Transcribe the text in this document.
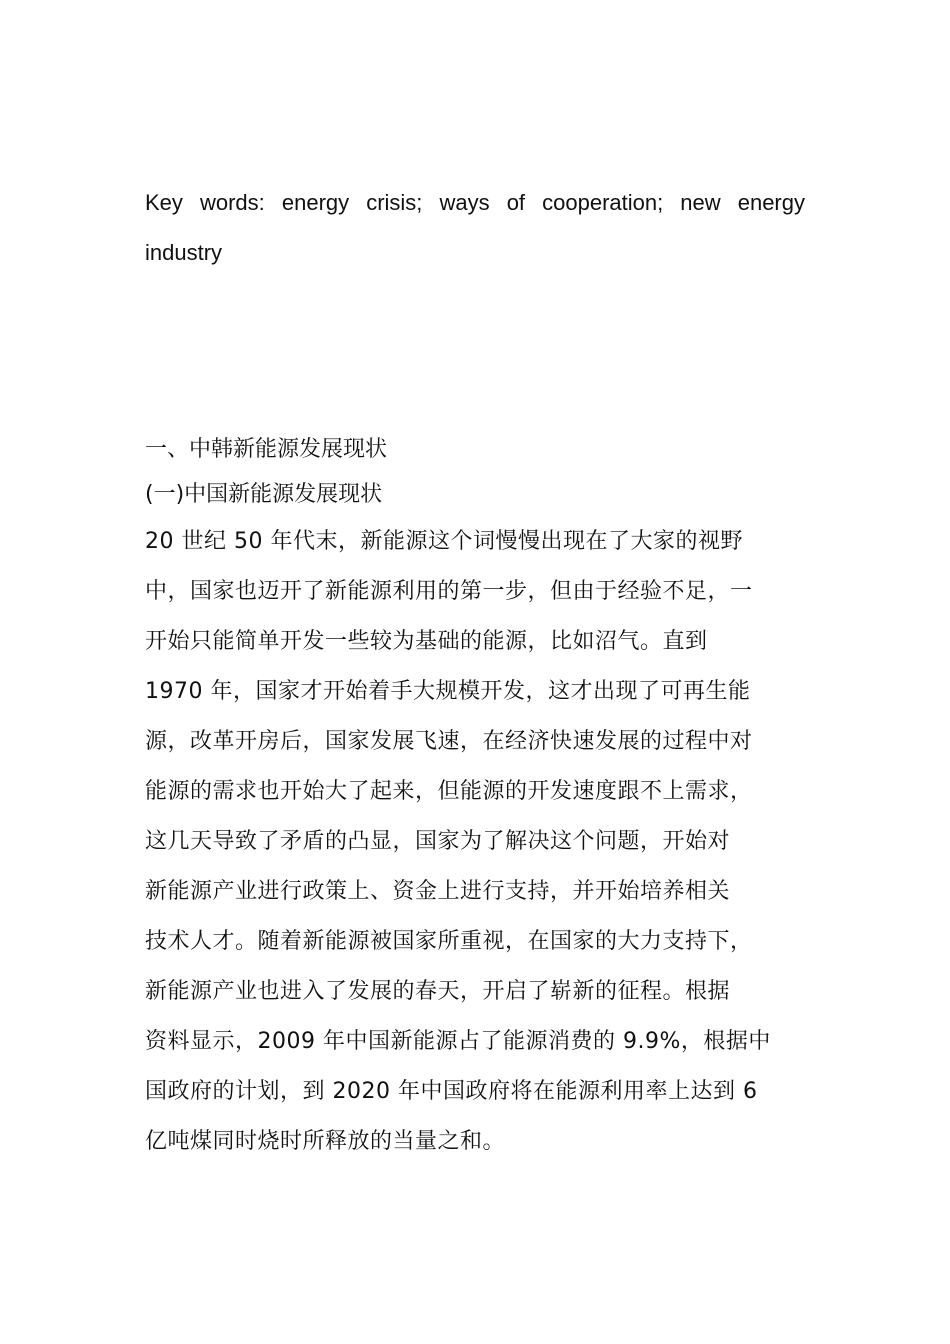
Key words: energy crisis; ways of cooperation; new energy industry
一、中韩新能源发展现状
(一)中国新能源发展现状
20 世纪 50 年代末，新能源这个词慢慢出现在了大家的视野
中，国家也迈开了新能源利用的第一步，但由于经验不足，一
开始只能简单开发一些较为基础的能源，比如沼气。直到
1970 年，国家才开始着手大规模开发，这才出现了可再生能
源，改革开房后，国家发展飞速，在经济快速发展的过程中对
能源的需求也开始大了起来，但能源的开发速度跟不上需求，
这几天导致了矛盾的凸显，国家为了解决这个问题，开始对
新能源产业进行政策上、资金上进行支持，并开始培养相关
技术人才。随着新能源被国家所重视，在国家的大力支持下，
新能源产业也进入了发展的春天，开启了崭新的征程。根据
资料显示，2009 年中国新能源占了能源消费的 9.9%，根据中
国政府的计划，到 2020 年中国政府将在能源利用率上达到 6
亿吨煤同时烧时所释放的当量之和。
